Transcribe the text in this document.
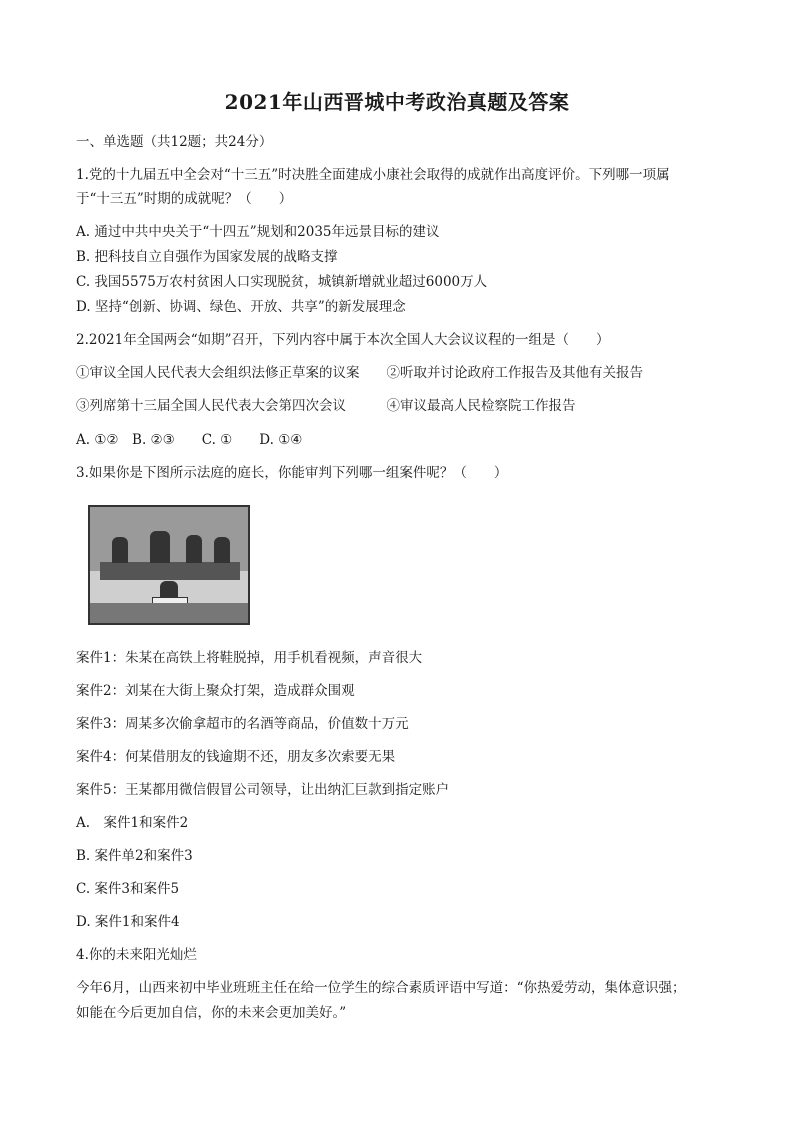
2021年山西晋城中考政治真题及答案
一、单选题（共12题；共24分）
1.党的十九届五中全会对“十三五”时决胜全面建成小康社会取得的成就作出高度评价。下列哪一项属
于“十三五”时期的成就呢？（　　）
A. 通过中共中央关于“十四五”规划和2035年远景目标的建议
B. 把科技自立自强作为国家发展的战略支撑
C. 我国5575万农村贫困人口实现脱贫，城镇新增就业超过6000万人
D. 坚持“创新、协调、绿色、开放、共享”的新发展理念
2.2021年全国两会“如期”召开，下列内容中属于本次全国人大会议议程的一组是（　　）
①审议全国人民代表大会组织法修正草案的议案　　②听取并讨论政府工作报告及其他有关报告
③列席第十三届全国人民代表大会第四次会议　　　④审议最高人民检察院工作报告
A. ①②　B. ②③　　C. ①　　D. ①④
3.如果你是下图所示法庭的庭长，你能审判下列哪一组案件呢？（　　）
案件1：朱某在高铁上将鞋脱掉，用手机看视频，声音很大
案件2：刘某在大街上聚众打架，造成群众围观
案件3：周某多次偷拿超市的名酒等商品，价值数十万元
案件4：何某借朋友的钱逾期不还，朋友多次索要无果
案件5：王某都用微信假冒公司领导，让出纳汇巨款到指定账户
A.　案件1和案件2
B. 案件单2和案件3
C. 案件3和案件5
D. 案件1和案件4
4.你的未来阳光灿烂
今年6月，山西来初中毕业班班主任在给一位学生的综合素质评语中写道：“你热爱劳动，集体意识强；
如能在今后更加自信，你的未来会更加美好。”
